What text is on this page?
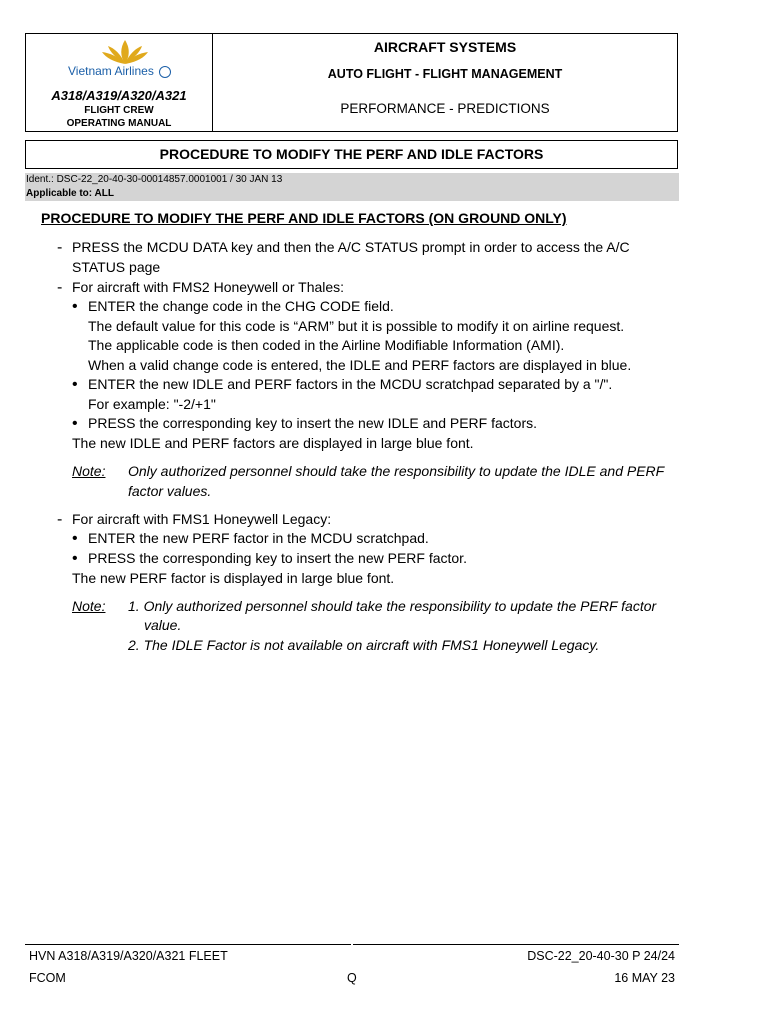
Vietnam Airlines
A318/A319/A320/A321
FLIGHT CREW
OPERATING MANUAL
AIRCRAFT SYSTEMS
AUTO FLIGHT - FLIGHT MANAGEMENT
PERFORMANCE - PREDICTIONS
PROCEDURE TO MODIFY THE PERF AND IDLE FACTORS
Ident.: DSC-22_20-40-30-00014857.0001001 / 30 JAN 13
Applicable to: ALL
PROCEDURE TO MODIFY THE PERF AND IDLE FACTORS (ON GROUND ONLY)
- PRESS the MCDU DATA key and then the A/C STATUS prompt in order to access the A/C
STATUS page
- For aircraft with FMS2 Honeywell or Thales:
• ENTER the change code in the CHG CODE field.
The default value for this code is “ARM” but it is possible to modify it on airline request.
The applicable code is then coded in the Airline Modifiable Information (AMI).
When a valid change code is entered, the IDLE and PERF factors are displayed in blue.
• ENTER the new IDLE and PERF factors in the MCDU scratchpad separated by a "/".
For example: "-2/+1"
• PRESS the corresponding key to insert the new IDLE and PERF factors.
The new IDLE and PERF factors are displayed in large blue font.
Note: Only authorized personnel should take the responsibility to update the IDLE and PERF
factor values.
- For aircraft with FMS1 Honeywell Legacy:
• ENTER the new PERF factor in the MCDU scratchpad.
• PRESS the corresponding key to insert the new PERF factor.
The new PERF factor is displayed in large blue font.
Note: 1. Only authorized personnel should take the responsibility to update the PERF factor
value.
2. The IDLE Factor is not available on aircraft with FMS1 Honeywell Legacy.
HVN A318/A319/A320/A321 FLEET	DSC-22_20-40-30 P 24/24
FCOM	Q	16 MAY 23
